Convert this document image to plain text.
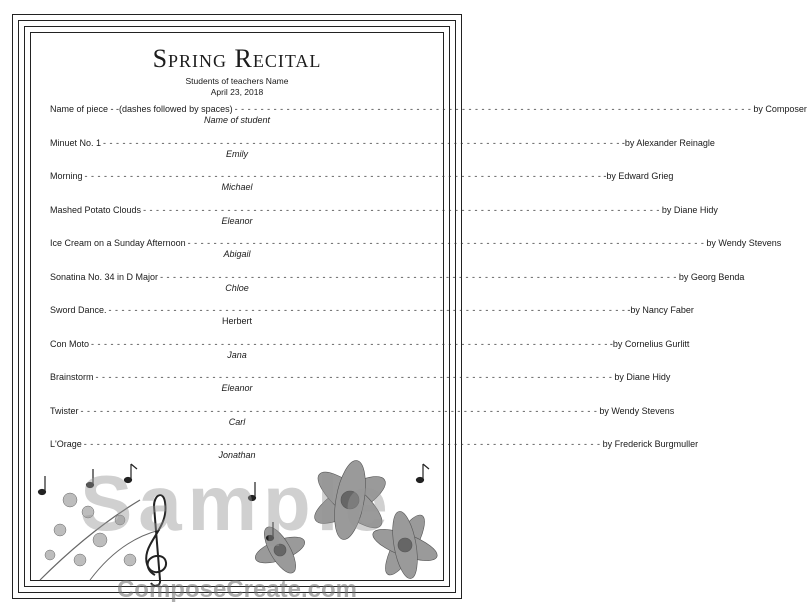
Spring Recital
Students of teachers Name
April 23, 2018
Name of piece - -(dashes followed by spaces) - - - - - - - - - - - - - - - - - - - - - - - - - - - - - - - - - - - - - - - - - - - - - - - - - - - - - - - - - - - - - - - - - - - - - - - - - - - - - - - - by Composer
Name of student
Minuet No. 1 - - - - - - - - - - - - - - - - - - - - - - - - - - - - - - - - - - - - - - - - - - - - - - - - - - - - - - - - - - - - - - - - - - - - - - - - - - - - - - - - -by Alexander Reinagle
Emily
Morning - - - - - - - - - - - - - - - - - - - - - - - - - - - - - - - - - - - - - - - - - - - - - - - - - - - - - - - - - - - - - - - - - - - - - - - - - - - - - - - - -by Edward Grieg
Michael
Mashed Potato Clouds - - - - - - - - - - - - - - - - - - - - - - - - - - - - - - - - - - - - - - - - - - - - - - - - - - - - - - - - - - - - - - - - - - - - - - - - - - - - - - - - by Diane Hidy
Eleanor
Ice Cream on a Sunday Afternoon - - - - - - - - - - - - - - - - - - - - - - - - - - - - - - - - - - - - - - - - - - - - - - - - - - - - - - - - - - - - - - - - - - - - - - - - - - - - - - - - by Wendy Stevens
Abigail
Sonatina No. 34 in D Major - - - - - - - - - - - - - - - - - - - - - - - - - - - - - - - - - - - - - - - - - - - - - - - - - - - - - - - - - - - - - - - - - - - - - - - - - - - - - - - - by Georg Benda
Chloe
Sword Dance. - - - - - - - - - - - - - - - - - - - - - - - - - - - - - - - - - - - - - - - - - - - - - - - - - - - - - - - - - - - - - - - - - - - - - - - - - - - - - - - - -by Nancy Faber
Herbert
Con Moto - - - - - - - - - - - - - - - - - - - - - - - - - - - - - - - - - - - - - - - - - - - - - - - - - - - - - - - - - - - - - - - - - - - - - - - - - - - - - - - - -by Cornelius Gurlitt
Jana
Brainstorm - - - - - - - - - - - - - - - - - - - - - - - - - - - - - - - - - - - - - - - - - - - - - - - - - - - - - - - - - - - - - - - - - - - - - - - - - - - - - - - - by Diane Hidy
Eleanor
Twister - - - - - - - - - - - - - - - - - - - - - - - - - - - - - - - - - - - - - - - - - - - - - - - - - - - - - - - - - - - - - - - - - - - - - - - - - - - - - - - - by Wendy Stevens
Carl
L'Orage - - - - - - - - - - - - - - - - - - - - - - - - - - - - - - - - - - - - - - - - - - - - - - - - - - - - - - - - - - - - - - - - - - - - - - - - - - - - - - - - by Frederick Burgmuller
Jonathan
Sample
ComposeCreate.com
